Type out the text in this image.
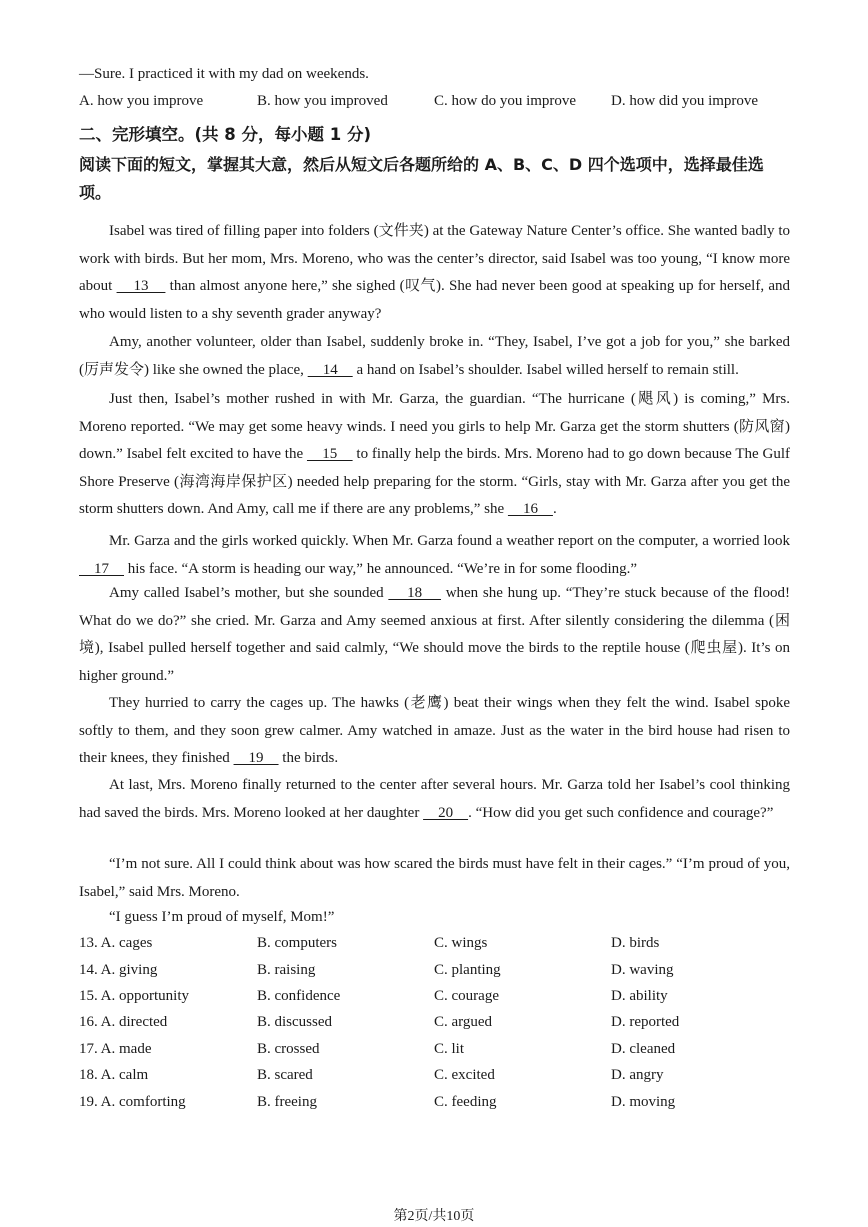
—Sure. I practiced it with my dad on weekends.
A. how you improve	B. how you improved	C. how do you improve D. how did you improve
二、完形填空。(共 8 分，每小题 1 分)
阅读下面的短文，掌握其大意，然后从短文后各题所给的 A、B、C、D 四个选项中，选择最佳选项。
Isabel was tired of filling paper into folders (文件夹) at the Gateway Nature Center’s office. She wanted badly to work with birds. But her mom, Mrs. Moreno, who was the center’s director, said Isabel was too young, “I know more about     13     than almost anyone here,” she sighed (叹气). She had never been good at speaking up for herself, and who would listen to a shy seventh grader anyway?
Amy, another volunteer, older than Isabel, suddenly broke in. “They, Isabel, I’ve got a job for you,” she barked (厉声发令) like she owned the place,     14     a hand on Isabel’s shoulder. Isabel willed herself to remain still.
Just then, Isabel’s mother rushed in with Mr. Garza, the guardian. “The hurricane (飓风) is coming,” Mrs. Moreno reported. “We may get some heavy winds. I need you girls to help Mr. Garza get the storm shutters (防风窗) down.” Isabel felt excited to have the     15     to finally help the birds. Mrs. Moreno had to go down because The Gulf Shore Preserve (海湾海岸保护区) needed help preparing for the storm. “Girls, stay with Mr. Garza after you get the storm shutters down. And Amy, call me if there are any problems,” she     16    .
Mr. Garza and the girls worked quickly. When Mr. Garza found a weather report on the computer, a worried look     17     his face. “A storm is heading our way,” he announced. “We’re in for some flooding.”
Amy called Isabel’s mother, but she sounded     18     when she hung up. “They’re stuck because of the flood! What do we do?” she cried. Mr. Garza and Amy seemed anxious at first. After silently considering the dilemma (困境), Isabel pulled herself together and said calmly, “We should move the birds to the reptile house (爬虫屋). It’s on higher ground.”
They hurried to carry the cages up. The hawks (老鹰) beat their wings when they felt the wind. Isabel spoke softly to them, and they soon grew calmer. Amy watched in amaze. Just as the water in the bird house had risen to their knees, they finished     19     the birds.
At last, Mrs. Moreno finally returned to the center after several hours. Mr. Garza told her Isabel’s cool thinking had saved the birds. Mrs. Moreno looked at her daughter     20    . “How did you get such confidence and courage?”
“I’m not sure. All I could think about was how scared the birds must have felt in their cages.” “I’m proud of you, Isabel,” said Mrs. Moreno.
“I guess I’m proud of myself, Mom!”
13. A. cages	B. computers	C. wings	D. birds
14. A. giving	B. raising	C. planting	D. waving
15. A. opportunity	B. confidence	C. courage	D. ability
16. A. directed	B. discussed	C. argued	D. reported
17. A. made	B. crossed	C. lit	D. cleaned
18. A. calm	B. scared	C. excited	D. angry
19. A. comforting	B. freeing	C. feeding	D. moving
第2页/共10页
